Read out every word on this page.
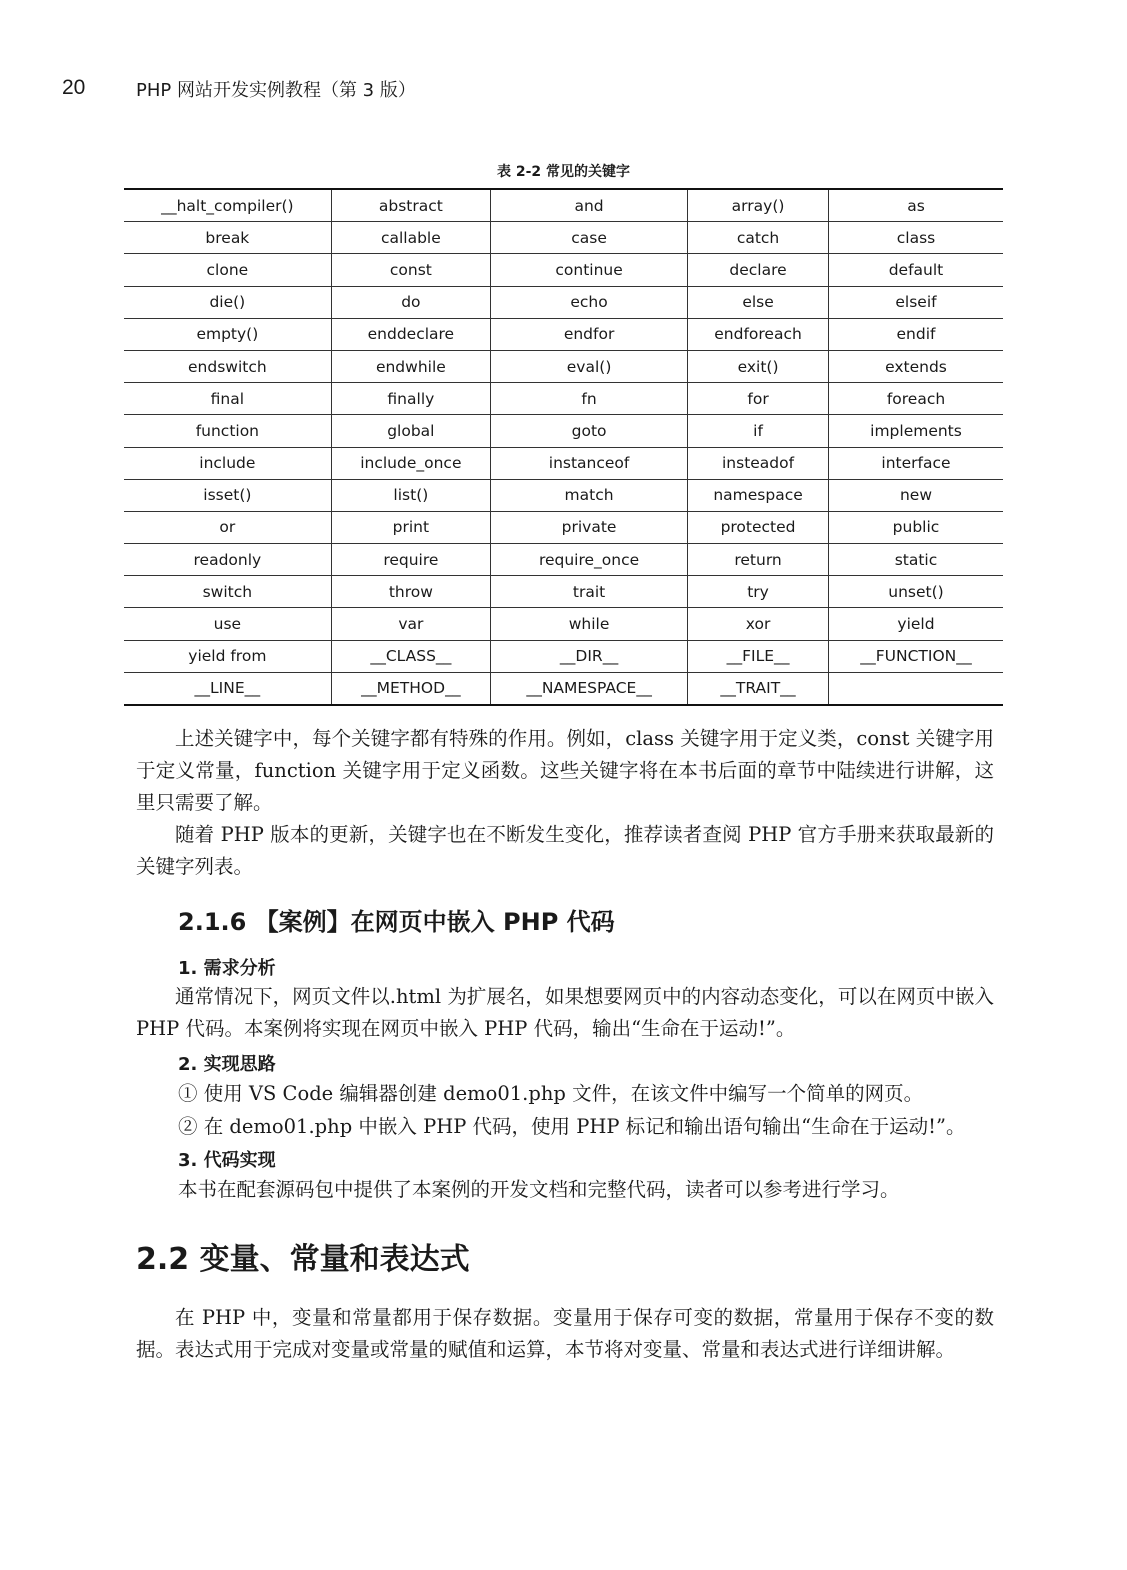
20	PHP 网站开发实例教程（第 3 版）
表 2-2 常见的关键字
__halt_compiler()	abstract	and	array()	as
break	callable	case	catch	class
clone	const	continue	declare	default
die()	do	echo	else	elseif
empty()	enddeclare	endfor	endforeach	endif
endswitch	endwhile	eval()	exit()	extends
final	finally	fn	for	foreach
function	global	goto	if	implements
include	include_once	instanceof	insteadof	interface
isset()	list()	match	namespace	new
or	print	private	protected	public
readonly	require	require_once	return	static
switch	throw	trait	try	unset()
use	var	while	xor	yield
yield from	__CLASS__	__DIR__	__FILE__	__FUNCTION__
__LINE__	__METHOD__	__NAMESPACE__	__TRAIT__	
上述关键字中，每个关键字都有特殊的作用。例如，class 关键字用于定义类，const 关键字用于定义常量，function 关键字用于定义函数。这些关键字将在本书后面的章节中陆续进行讲解，这里只需要了解。
随着 PHP 版本的更新，关键字也在不断发生变化，推荐读者查阅 PHP 官方手册来获取最新的关键字列表。
2.1.6 【案例】在网页中嵌入 PHP 代码
1. 需求分析
通常情况下，网页文件以.html 为扩展名，如果想要网页中的内容动态变化，可以在网页中嵌入 PHP 代码。本案例将实现在网页中嵌入 PHP 代码，输出“生命在于运动!”。
2. 实现思路
① 使用 VS Code 编辑器创建 demo01.php 文件，在该文件中编写一个简单的网页。
② 在 demo01.php 中嵌入 PHP 代码，使用 PHP 标记和输出语句输出“生命在于运动!”。
3. 代码实现
本书在配套源码包中提供了本案例的开发文档和完整代码，读者可以参考进行学习。
2.2 变量、常量和表达式
在 PHP 中，变量和常量都用于保存数据。变量用于保存可变的数据，常量用于保存不变的数据。表达式用于完成对变量或常量的赋值和运算，本节将对变量、常量和表达式进行详细讲解。
